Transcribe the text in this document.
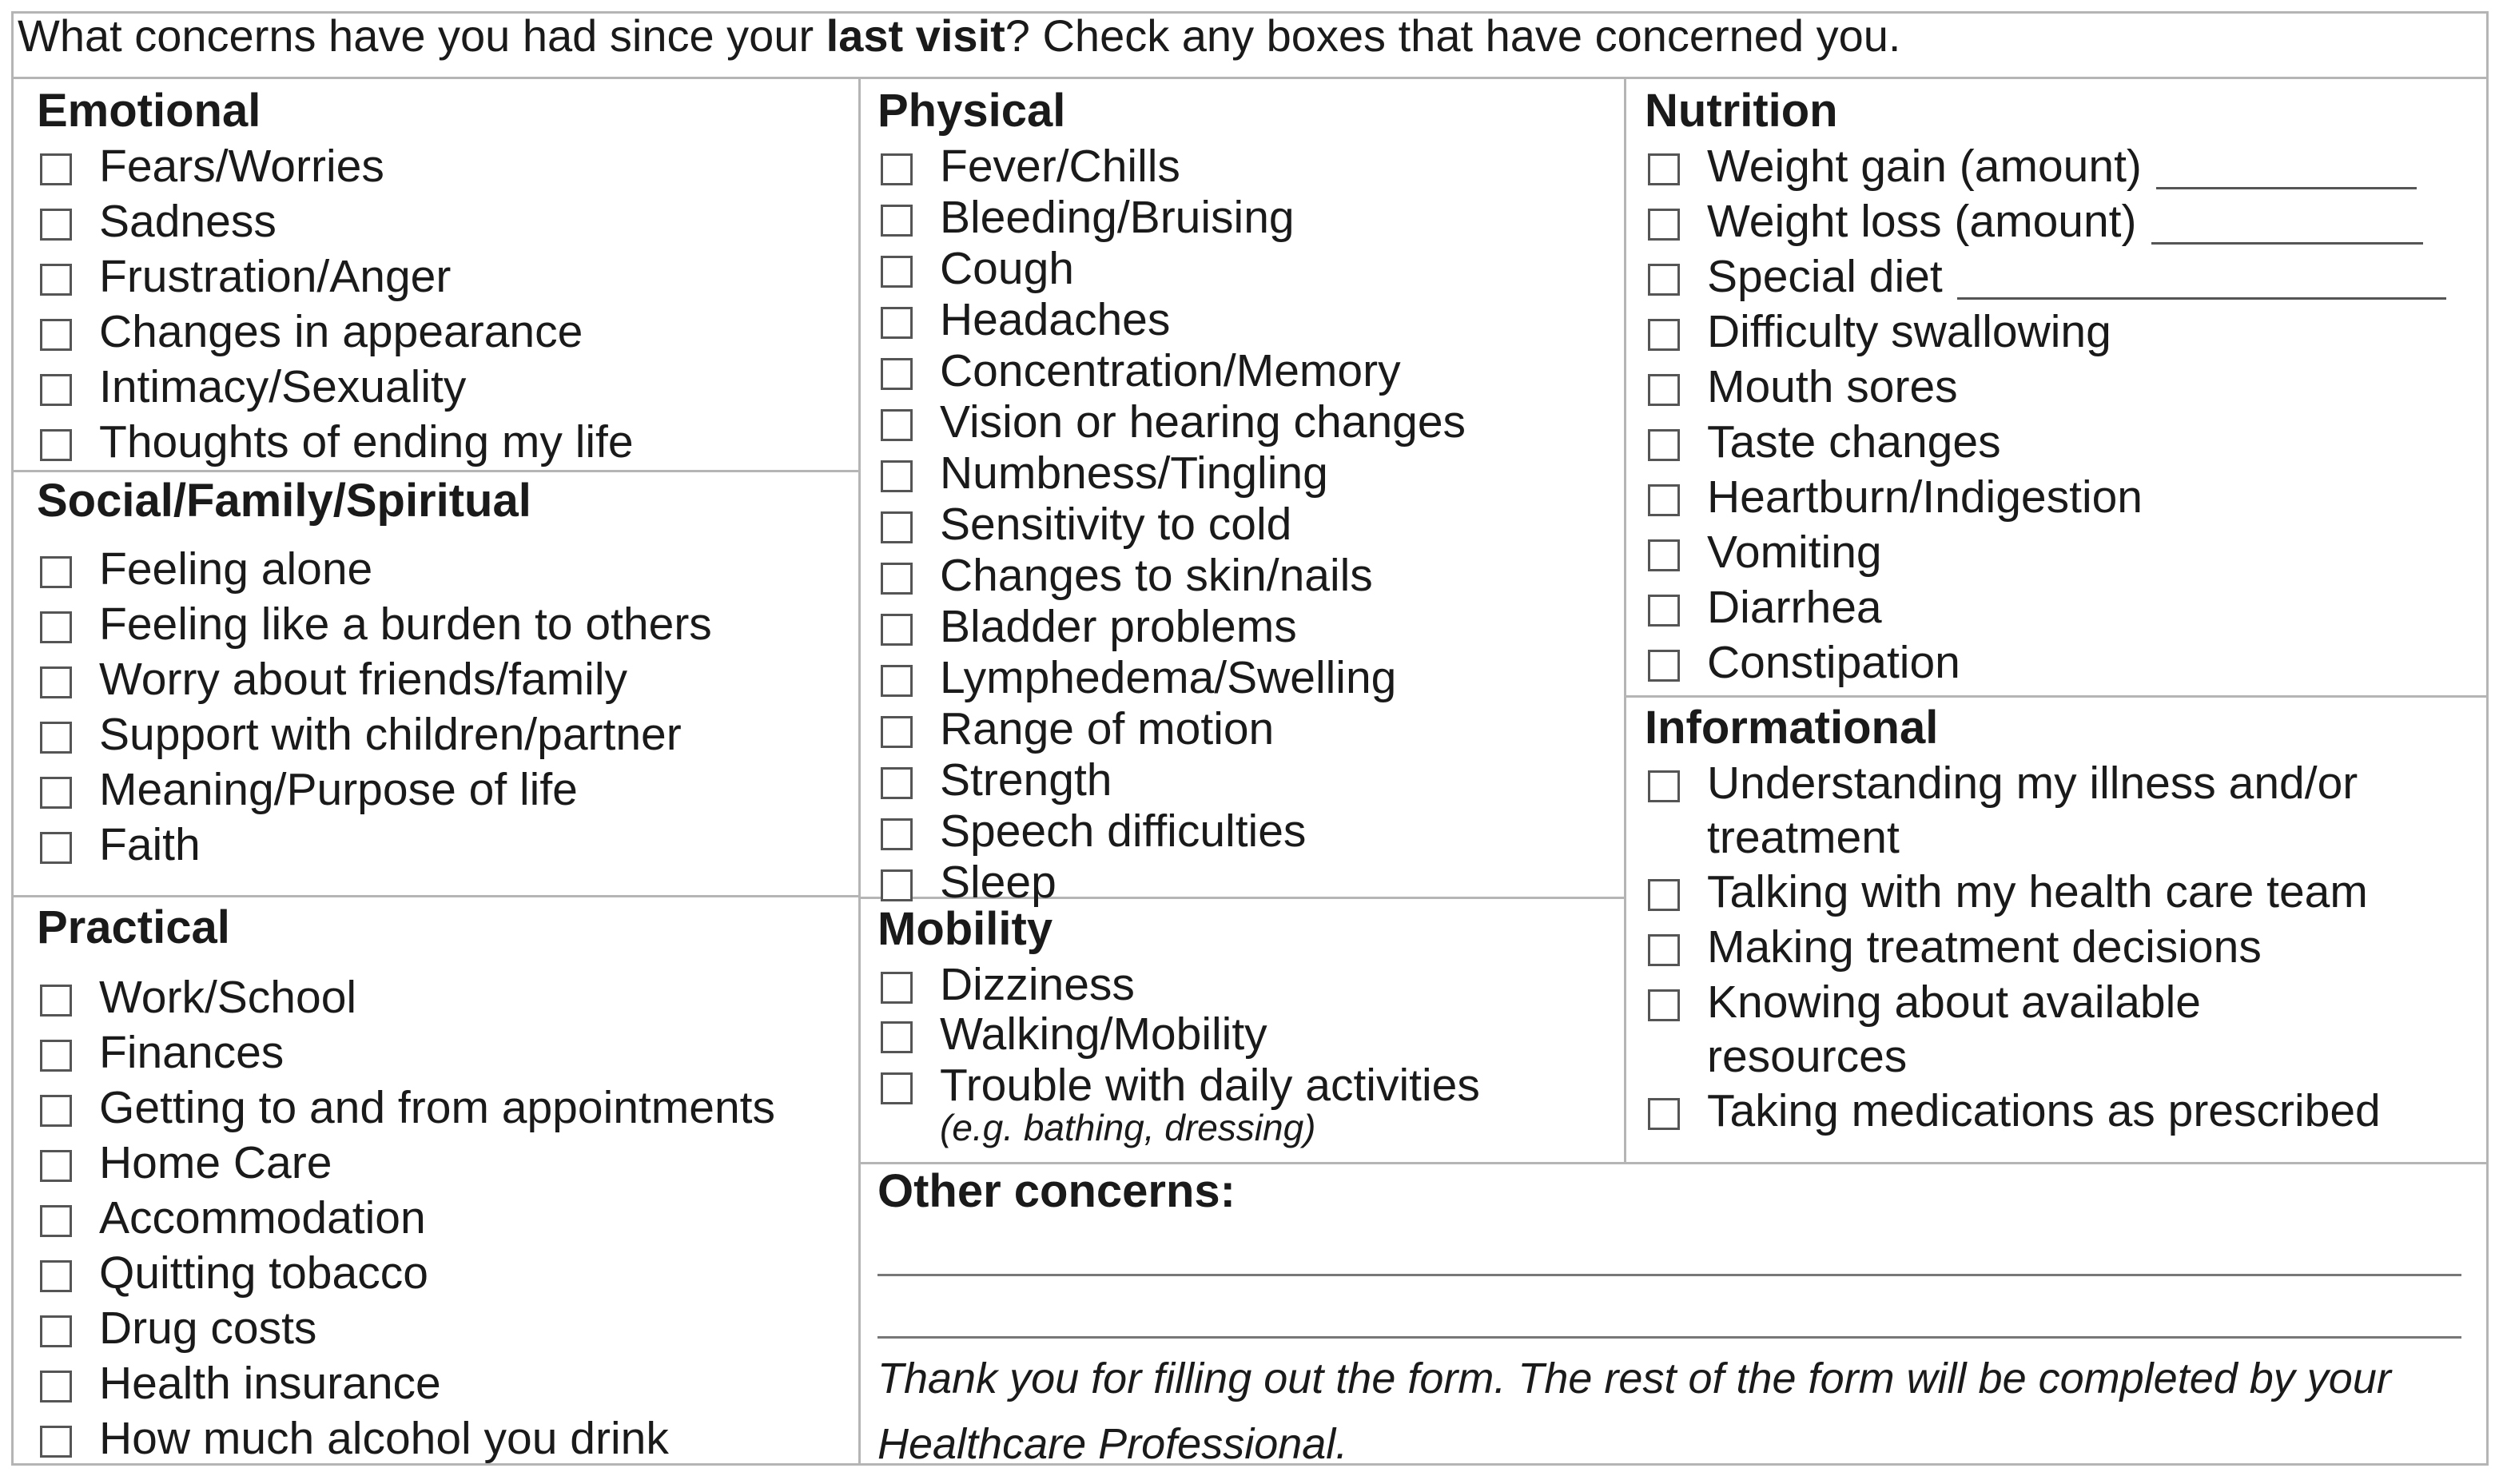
What concerns have you had since your last visit? Check any boxes that have concerned you.
Emotional
Fears/Worries
Sadness
Frustration/Anger
Changes in appearance
Intimacy/Sexuality
Thoughts of ending my life
Social/Family/Spiritual
Feeling alone
Feeling like a burden to others
Worry about friends/family
Support with children/partner
Meaning/Purpose of life
Faith
Practical
Work/School
Finances
Getting to and from appointments
Home Care
Accommodation
Quitting tobacco
Drug costs
Health insurance
How much alcohol you drink
Physical
Fever/Chills
Bleeding/Bruising
Cough
Headaches
Concentration/Memory
Vision or hearing changes
Numbness/Tingling
Sensitivity to cold
Changes to skin/nails
Bladder problems
Lymphedema/Swelling
Range of motion
Strength
Speech difficulties
Sleep
Mobility
Dizziness
Walking/Mobility
Trouble with daily activities
(e.g. bathing, dressing)
Nutrition
Weight gain (amount)
Weight loss (amount)
Special diet
Difficulty swallowing
Mouth sores
Taste changes
Heartburn/Indigestion
Vomiting
Diarrhea
Constipation
Informational
Understanding my illness and/or treatment
Talking with my health care team
Making treatment decisions
Knowing about available resources
Taking medications as prescribed
Other concerns:
Thank you for filling out the form. The rest of the form will be completed by your Healthcare Professional.
